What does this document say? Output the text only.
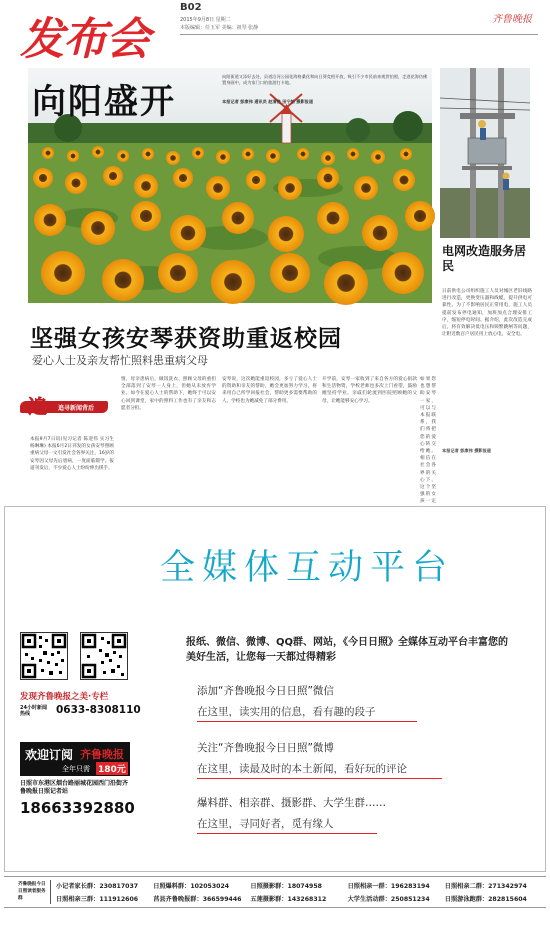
发布会
B02
2015年9月8日 星期二
本版编辑：任玉军 美编：祖琴 张静
齐鲁晚报
向阳盛开
向阳街道又添好去处，县道沿河公园花海格桑花和向日葵竞相开放，吸引不少市民前来观赏拍照，走进花海仿佛置身画中，成为家门口的旅游打卡地。
本报记者 彭康伟 通讯员 赵清艳 田宁怡 摄影报道
电网改造服务居民
日前供电公司组织施工人员对城区老旧线路进行改造，更换变压器和线缆，提升供电可靠性。为了不影响居民正常用电，施工人员提前发布停电通知，加班加点合理安排工序，缩短停电时间。据介绍，此次改造完成后，将有效解决低电压和频繁跳闸等问题，让附近数百户居民用上放心电、安全电。
本报记者 彭康伟 摄影报道
坚强女孩安琴获资助重返校园
爱心人士及亲友帮忙照料患重病父母
追 追寻新闻背后
本报9月7日讯(见习记者 陈迎伟 实习生 杨琳琳) 本报6月2日刊发的女孩安琴照顾重病父母一文引发社会各界关注，16岁的安琴因父母先后患病，一度面临辍学。报道刊发后，不少爱心人士纷纷伸出援手。
情，母亲患病后，做饭洗衣、照顾父母的重担全部落到了安琴一人身上，但她从未放弃学业。如今在爱心人士的帮助下，她终于可以安心回到课堂，家中的照料工作也有了亲友和志愿者分担。
安琴说，这次她能重返校园，多亏了爱心人士的资助和亲友的帮助，她会更加努力学习，将来用自己所学回报社会，帮助更多需要帮助的人。学校也为她减免了部分费用。
开学前，安琴一家收到了来自各方的爱心捐款和生活物资，学校老师也多次上门看望，鼓励她坚持学业。亲戚们轮流到医院照顾她的父母，让她能够安心学习。
如果您也想帮助安琴一家，可以与本报联系，我们将把您的爱心转交给她。相信在社会各界的关心下，这个坚强的女孩一定
全媒体互动平台
报纸、微信、微博、QQ群、网站，《今日日照》全媒体互动平台丰富您的美好生活，让您每一天都过得精彩
添加“齐鲁晚报今日日照”微信
在这里，读实用的信息，看有趣的段子
关注“齐鲁晚报今日日照”微博
在这里，读最及时的本土新闻，看好玩的评论
爆料群、相亲群、摄影群、大学生群……
在这里，寻同好者，觅有缘人
发现齐鲁晚报之美·专栏
24小时新闻热线	0633-8308110
欢迎订阅 齐鲁晚报
全年只需 180元
日照市东港区烟台路丽城花园西门沿街齐鲁晚报日照记者站
18663392880
齐鲁晚报今日日照读者服务群
小记者家长群：230817037	日照爆料群：102053024	日照摄影群：18074958	日照相亲一群：196283194	日照相亲二群：271342974
日照相亲三群：111912606	莒县齐鲁晚报群：366599446	五莲摄影群：143268312	大学生活动群：250851234	日照游泳跑群：282815604
